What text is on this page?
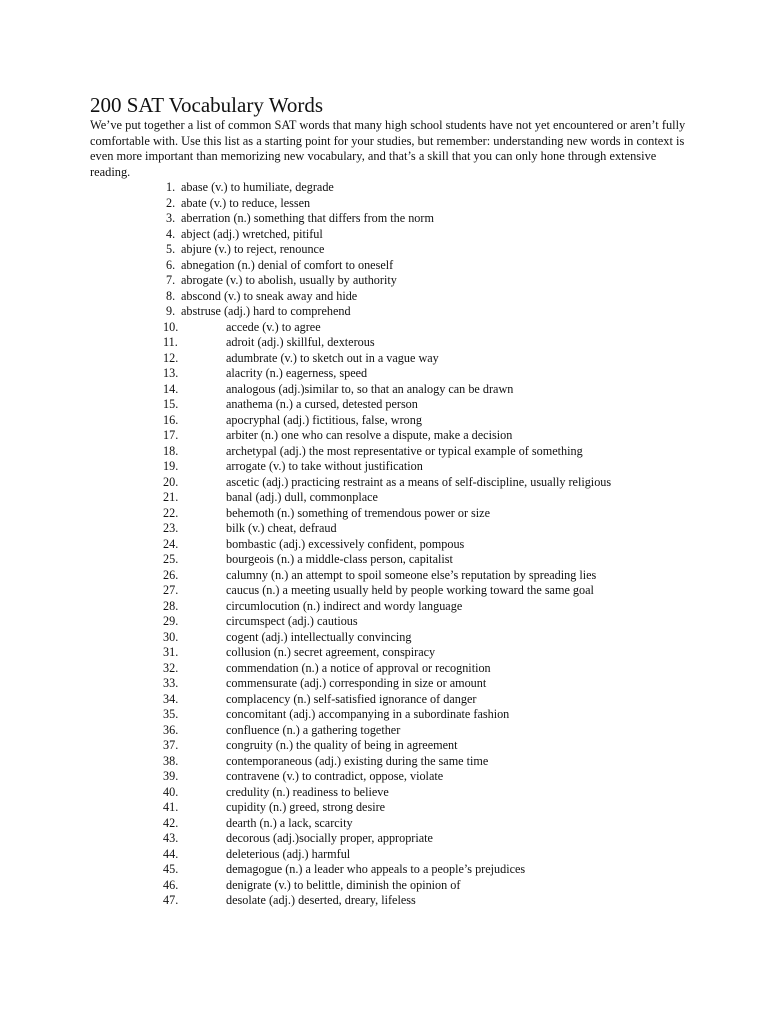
200 SAT Vocabulary Words

We’ve put together a list of common SAT words that many high school students have not yet encountered or aren’t fully comfortable with. Use this list as a starting point for your studies, but remember: understanding new words in context is even more important than memorizing new vocabulary, and that’s a skill that you can only hone through extensive reading.

1. abase (v.) to humiliate, degrade
2. abate (v.) to reduce, lessen
3. aberration (n.) something that differs from the norm
4. abject (adj.) wretched, pitiful
5. abjure (v.) to reject, renounce
6. abnegation (n.) denial of comfort to oneself
7. abrogate (v.) to abolish, usually by authority
8. abscond (v.) to sneak away and hide
9. abstruse (adj.) hard to comprehend
10.	accede (v.) to agree
11.	adroit (adj.) skillful, dexterous
12.	adumbrate (v.) to sketch out in a vague way
13.	alacrity (n.) eagerness, speed
14.	analogous (adj.)similar to, so that an analogy can be drawn
15.	anathema (n.) a cursed, detested person
16.	apocryphal (adj.) fictitious, false, wrong
17.	arbiter (n.) one who can resolve a dispute, make a decision
18.	archetypal (adj.) the most representative or typical example of something
19.	arrogate (v.) to take without justification
20.	ascetic (adj.) practicing restraint as a means of self-discipline, usually religious
21.	banal (adj.) dull, commonplace
22.	behemoth (n.) something of tremendous power or size
23.	bilk (v.) cheat, defraud
24.	bombastic (adj.) excessively confident, pompous
25.	bourgeois (n.) a middle-class person, capitalist
26.	calumny (n.) an attempt to spoil someone else’s reputation by spreading lies
27.	caucus (n.) a meeting usually held by people working toward the same goal
28.	circumlocution (n.) indirect and wordy language
29.	circumspect (adj.) cautious
30.	cogent (adj.) intellectually convincing
31.	collusion (n.) secret agreement, conspiracy
32.	commendation (n.) a notice of approval or recognition
33.	commensurate (adj.) corresponding in size or amount
34.	complacency (n.) self-satisfied ignorance of danger
35.	concomitant (adj.) accompanying in a subordinate fashion
36.	confluence (n.) a gathering together
37.	congruity (n.) the quality of being in agreement
38.	contemporaneous (adj.) existing during the same time
39.	contravene (v.) to contradict, oppose, violate
40.	credulity (n.) readiness to believe
41.	cupidity (n.) greed, strong desire
42.	dearth (n.) a lack, scarcity
43.	decorous (adj.)socially proper, appropriate
44.	deleterious (adj.) harmful
45.	demagogue (n.) a leader who appeals to a people’s prejudices
46.	denigrate (v.) to belittle, diminish the opinion of
47.	desolate (adj.) deserted, dreary, lifeless
